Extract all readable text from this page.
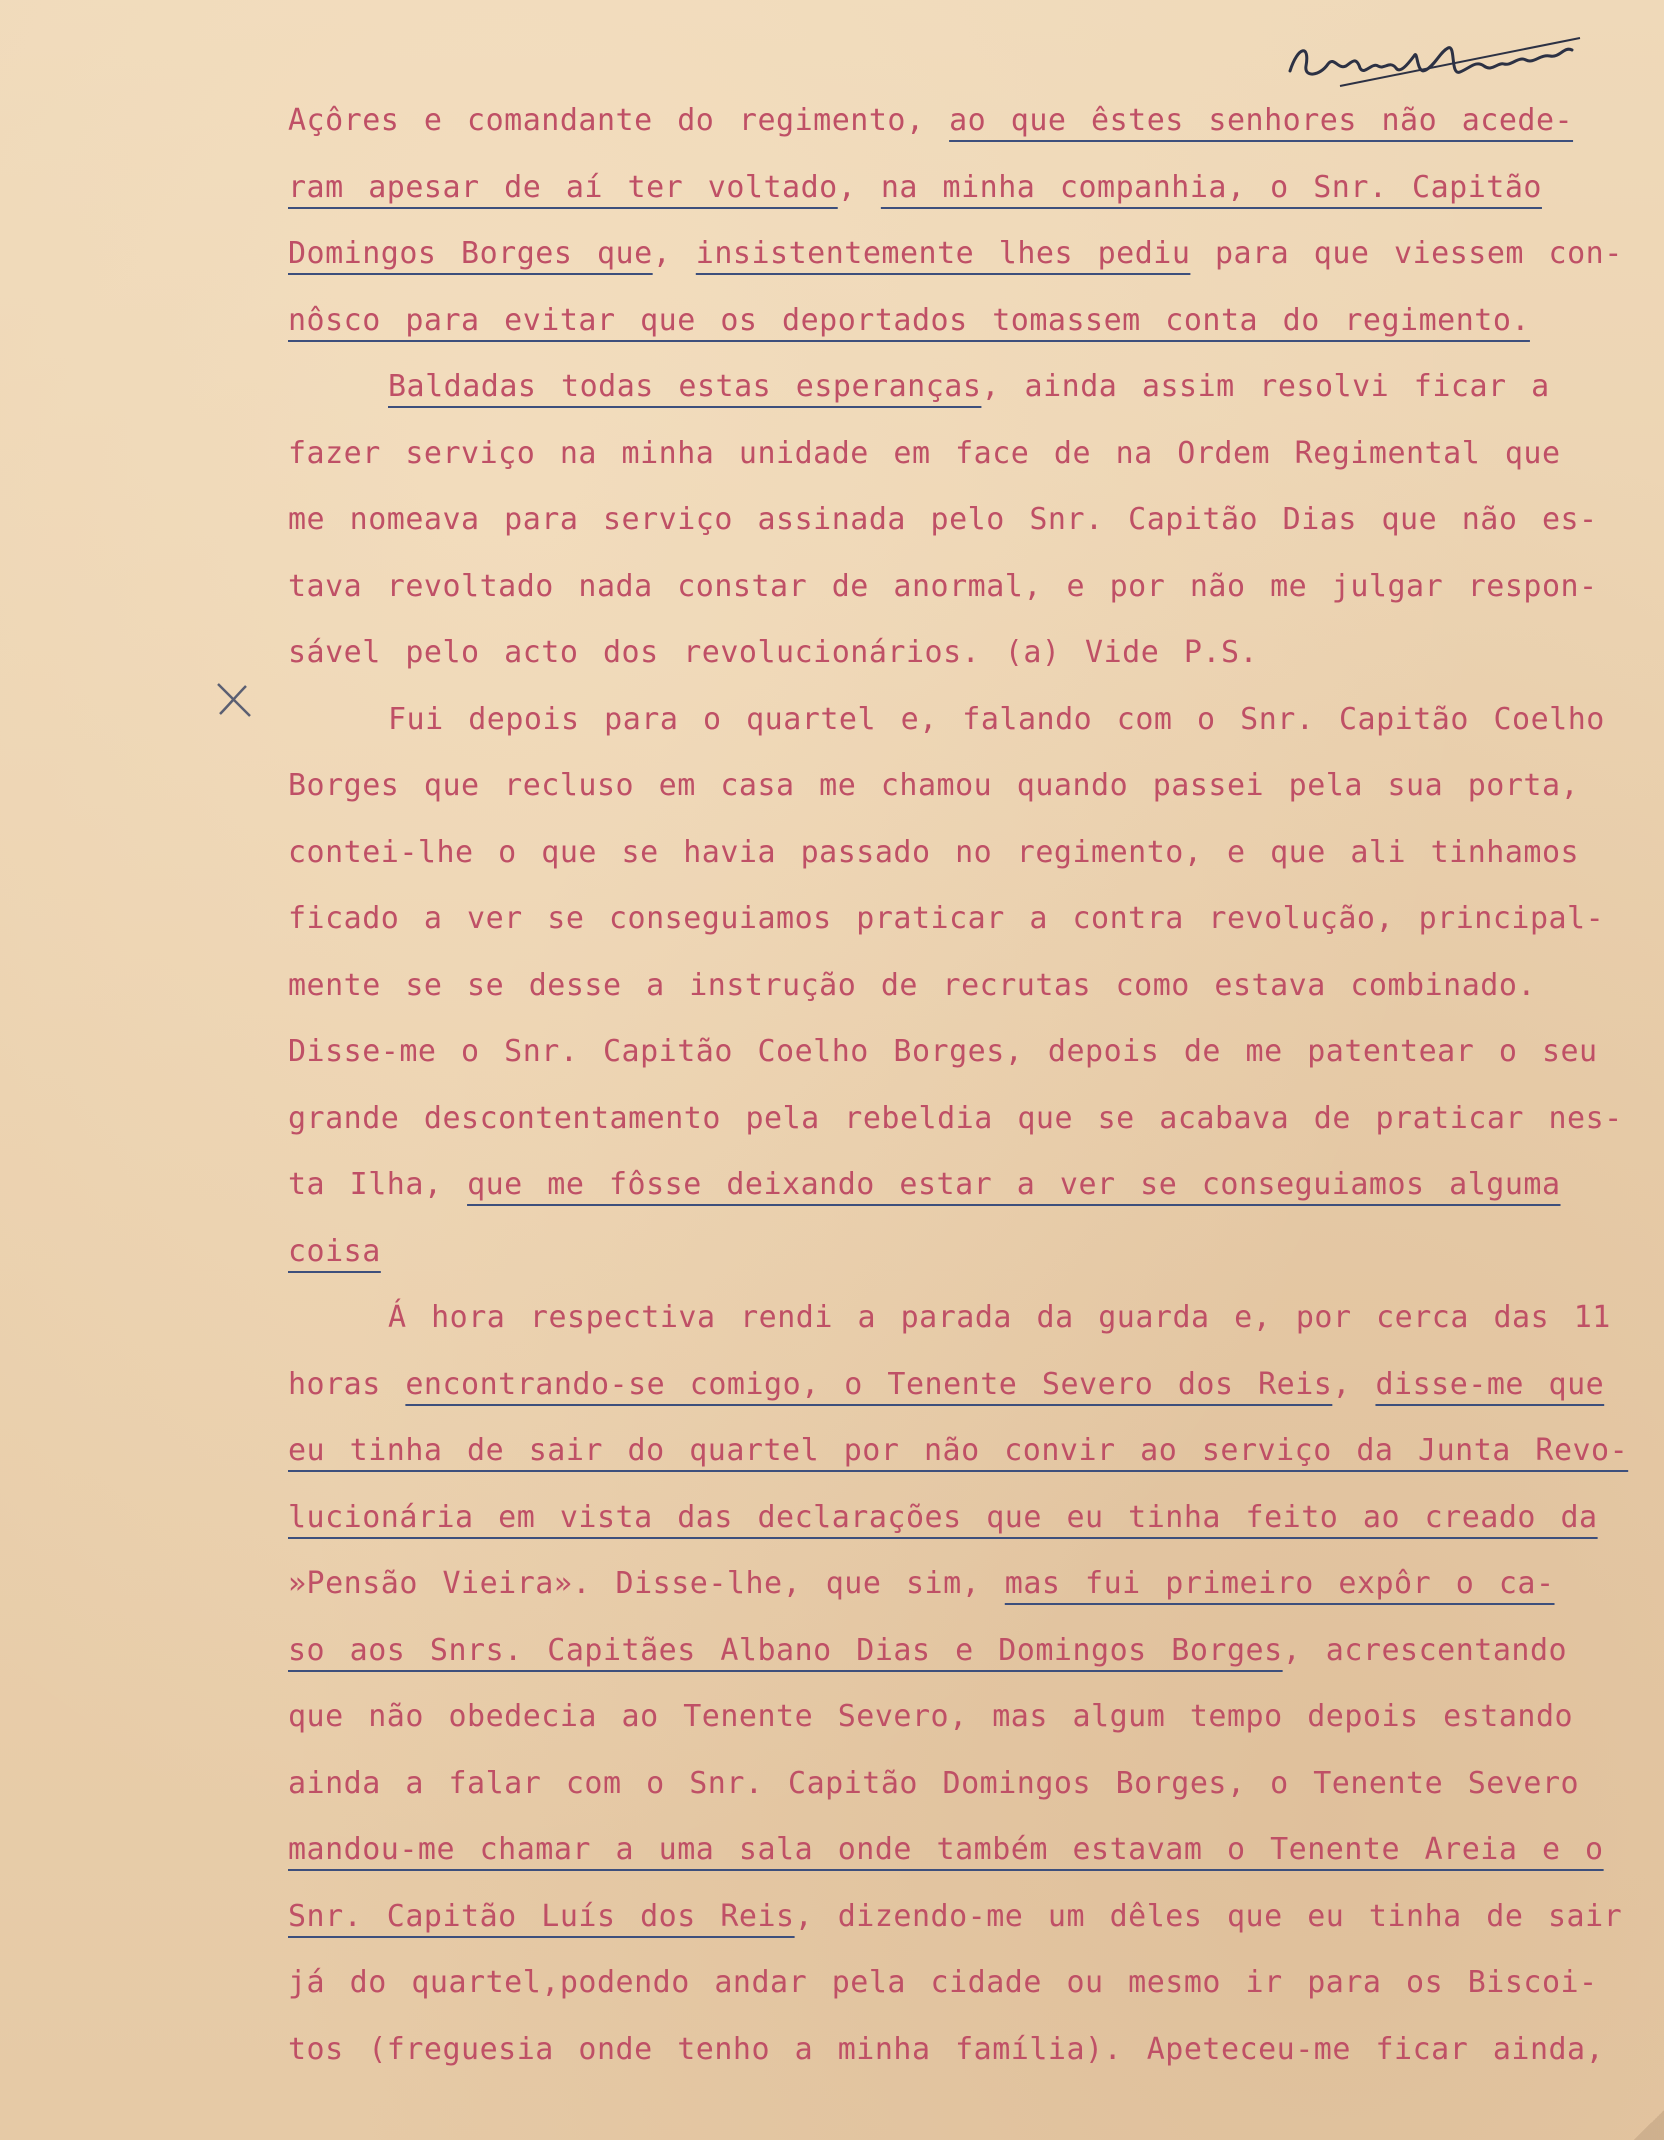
Açôres e comandante do regimento, ao que êstes senhores não acede-
ram apesar de aí ter voltado, na minha companhia, o Snr. Capitão
Domingos Borges que, insistentemente lhes pediu para que viessem con-
nôsco para evitar que os deportados tomassem conta do regimento.
Baldadas todas estas esperanças, ainda assim resolvi ficar a
fazer serviço na minha unidade em face de na Ordem Regimental que
me nomeava para serviço assinada pelo Snr. Capitão Dias que não es-
tava revoltado nada constar de anormal, e por não me julgar respon-
sável pelo acto dos revolucionários. (a) Vide P.S.
Fui depois para o quartel e, falando com o Snr. Capitão Coelho
Borges que recluso em casa me chamou quando passei pela sua porta,
contei-lhe o que se havia passado no regimento, e que ali tinhamos
ficado a ver se conseguiamos praticar a contra revolução, principal-
mente se se desse a instrução de recrutas como estava combinado.
Disse-me o Snr. Capitão Coelho Borges, depois de me patentear o seu
grande descontentamento pela rebeldia que se acabava de praticar nes-
ta Ilha, que me fôsse deixando estar a ver se conseguiamos alguma
coisa
Á hora respectiva rendi a parada da guarda e, por cerca das 11
horas encontrando-se comigo, o Tenente Severo dos Reis, disse-me que
eu tinha de sair do quartel por não convir ao serviço da Junta Revo-
lucionária em vista das declarações que eu tinha feito ao creado da
»Pensão Vieira». Disse-lhe, que sim, mas fui primeiro expôr o ca-
so aos Snrs. Capitães Albano Dias e Domingos Borges, acrescentando
que não obedecia ao Tenente Severo, mas algum tempo depois estando
ainda a falar com o Snr. Capitão Domingos Borges, o Tenente Severo
mandou-me chamar a uma sala onde também estavam o Tenente Areia e o
Snr. Capitão Luís dos Reis, dizendo-me um dêles que eu tinha de sair
já do quartel,podendo andar pela cidade ou mesmo ir para os Biscoi-
tos (freguesia onde tenho a minha família). Apeteceu-me ficar ainda,
